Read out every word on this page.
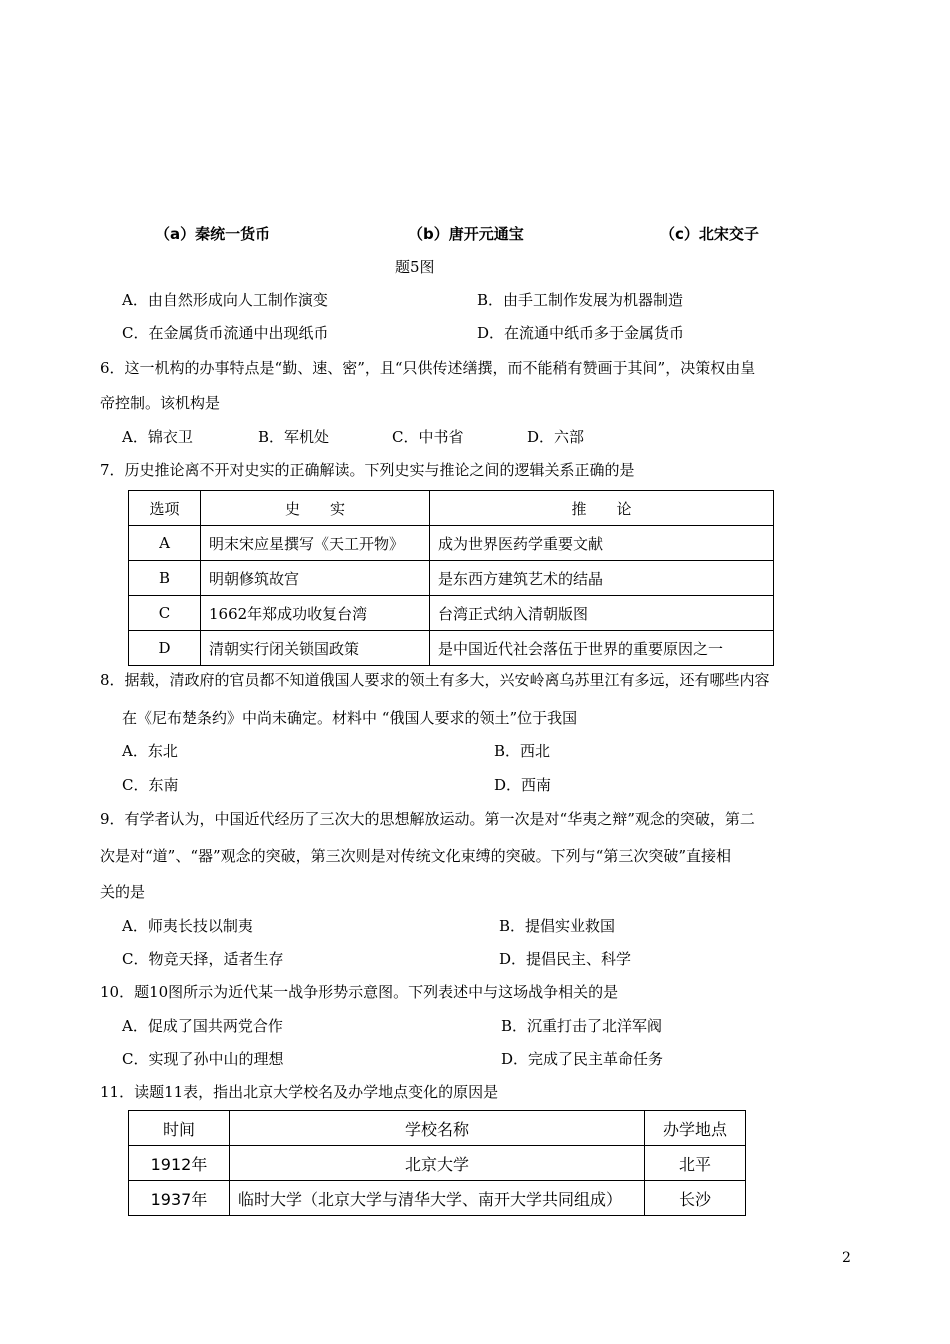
（a）秦统一货币	（b）唐开元通宝	（c）北宋交子
题5图
A．由自然形成向人工制作演变	B．由手工制作发展为机器制造
C．在金属货币流通中出现纸币	D．在流通中纸币多于金属货币
6．这一机构的办事特点是“勤、速、密”，且“只供传述缮撰，而不能稍有赞画于其间”，决策权由皇
帝控制。该机构是
A．锦衣卫	B．军机处	C．中书省	D．六部
7．历史推论离不开对史实的正确解读。下列史实与推论之间的逻辑关系正确的是
选项	史　　实	推　　论
A	明末宋应星撰写《天工开物》	成为世界医药学重要文献
B	明朝修筑故宫	是东西方建筑艺术的结晶
C	1662年郑成功收复台湾	台湾正式纳入清朝版图
D	清朝实行闭关锁国政策	是中国近代社会落伍于世界的重要原因之一
8．据载，清政府的官员都不知道俄国人要求的领土有多大，兴安岭离乌苏里江有多远，还有哪些内容
在《尼布楚条约》中尚未确定。材料中 “俄国人要求的领土”位于我国
A．东北	B．西北
C．东南	D．西南
9．有学者认为，中国近代经历了三次大的思想解放运动。第一次是对“华夷之辩”观念的突破，第二
次是对“道”、“器”观念的突破，第三次则是对传统文化束缚的突破。下列与“第三次突破”直接相
关的是
A．师夷长技以制夷	B．提倡实业救国
C．物竞天择，适者生存	D．提倡民主、科学
10．题10图所示为近代某一战争形势示意图。下列表述中与这场战争相关的是
A．促成了国共两党合作	B．沉重打击了北洋军阀
C．实现了孙中山的理想	D．完成了民主革命任务
11．读题11表，指出北京大学校名及办学地点变化的原因是
时间	学校名称	办学地点
1912年	北京大学	北平
1937年	临时大学（北京大学与清华大学、南开大学共同组成）	长沙
2
